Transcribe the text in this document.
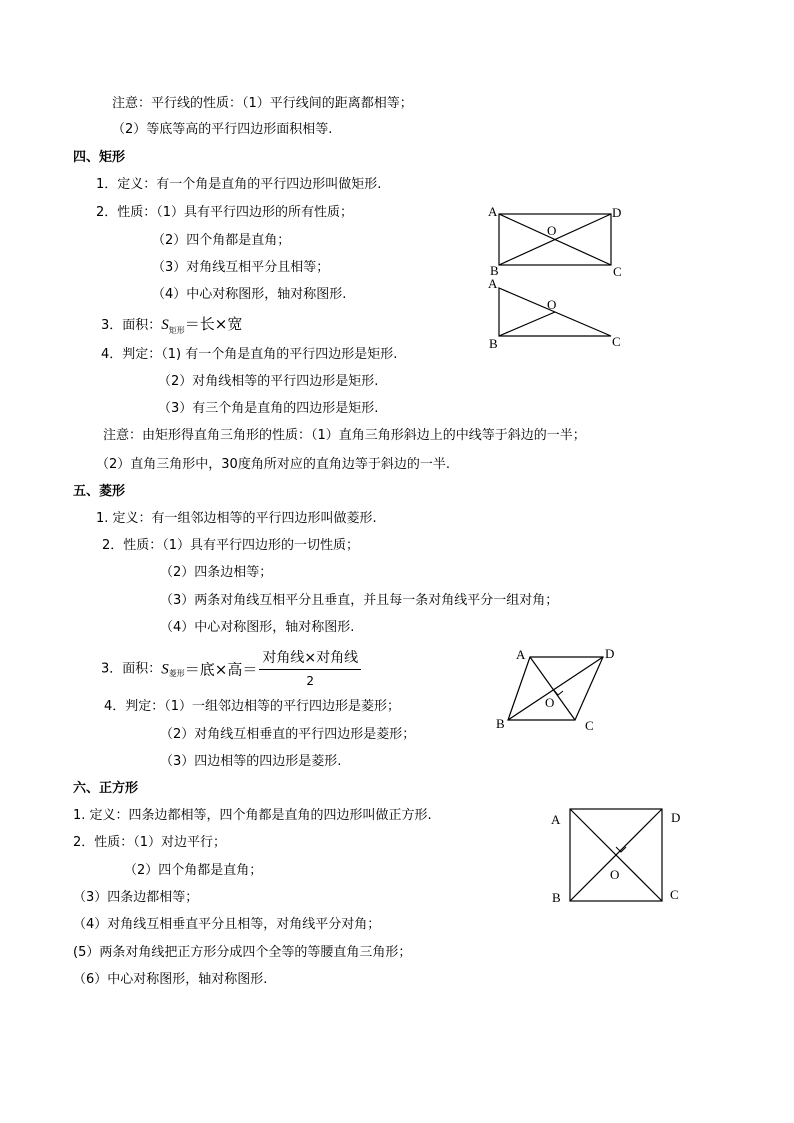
注意：平行线的性质：（1）平行线间的距离都相等；
（2）等底等高的平行四边形面积相等.
四、矩形
1．定义：有一个角是直角的平行四边形叫做矩形.
2．性质：（1）具有平行四边形的所有性质；
（2）四个角都是直角；
（3）对角线互相平分且相等；
（4）中心对称图形，轴对称图形.
3．面积：$S_{矩形}=$长×宽
4．判定：（1) 有一个角是直角的平行四边形是矩形.
（2）对角线相等的平行四边形是矩形.
（3）有三个角是直角的四边形是矩形.
注意：由矩形得直角三角形的性质：（1）直角三角形斜边上的中线等于斜边的一半；
（2）直角三角形中，30度角所对应的直角边等于斜边的一半.
A	D
B	C
O
A
B	C
O
五、菱形
1. 定义：有一组邻边相等的平行四边形叫做菱形.
2．性质：（1）具有平行四边形的一切性质；
（2）四条边相等；
（3）两条对角线互相平分且垂直，并且每一条对角线平分一组对角；
（4）中心对称图形，轴对称图形.
3．面积：$S_{菱形}=$底×高＝ $\frac{\text{对角线×对角线}}{2}$
4．判定：（1）一组邻边相等的平行四边形是菱形；
（2）对角线互相垂直的平行四边形是菱形；
（3）四边相等的四边形是菱形.
A	D
B	C
O
六、正方形
1. 定义：四条边都相等，四个角都是直角的四边形叫做正方形.
2．性质：（1）对边平行；
（2）四个角都是直角；
（3）四条边都相等；
（4）对角线互相垂直平分且相等，对角线平分对角；
(5）两条对角线把正方形分成四个全等的等腰直角三角形；
（6）中心对称图形，轴对称图形.
A	D
B	C
O
